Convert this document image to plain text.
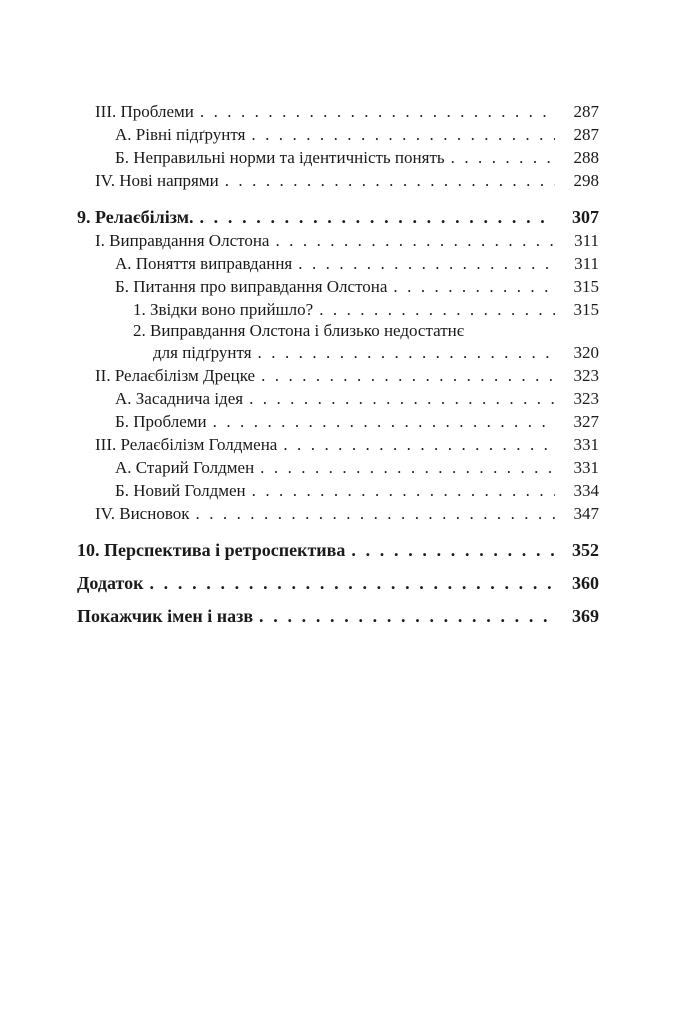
III. Проблеми . . .	287
А. Рівні підґрунтя . . .	287
Б. Неправильні норми та ідентичність понять . . .	288
IV. Нові напрями . . .	298
9. Релаєбілізм. . . .	307
I. Виправдання Олстона . . .	311
А. Поняття виправдання . . .	311
Б. Питання про виправдання Олстона . . .	315
1. Звідки воно прийшло? . . .	315
2. Виправдання Олстона і близько недостатнє
для підґрунтя . . .	320
II. Релаєбілізм Дрецке . . .	323
А. Засаднича ідея . . .	323
Б. Проблеми . . .	327
III. Релаєбілізм Голдмена . . .	331
А. Старий Голдмен . . .	331
Б. Новий Голдмен . . .	334
IV. Висновок . . .	347
10. Перспектива і ретроспектива . . .	352
Додаток . . .	360
Покажчик імен і назв . . .	369
